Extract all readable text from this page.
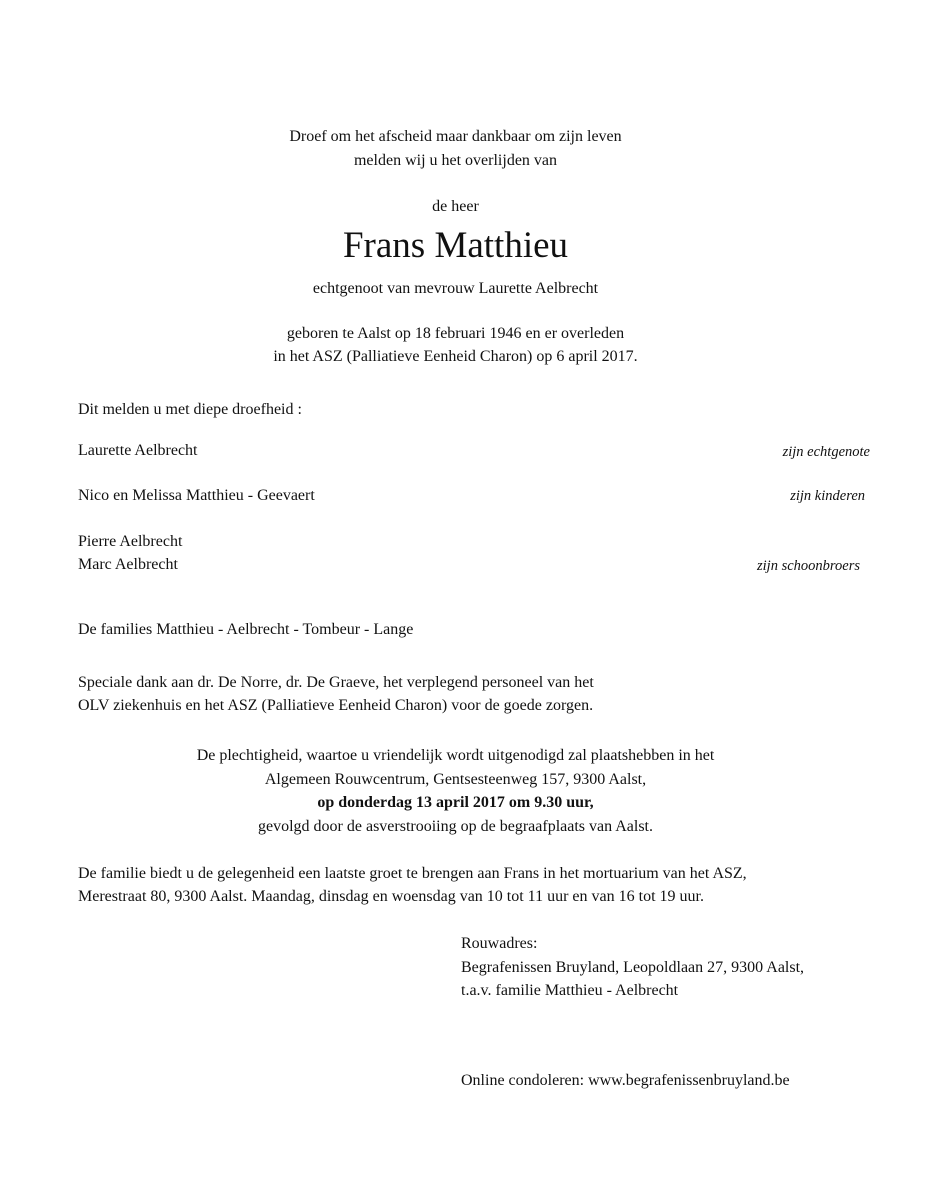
Droef om het afscheid maar dankbaar om zijn leven
melden wij u het overlijden van
de heer
Frans Matthieu
echtgenoot van mevrouw Laurette Aelbrecht
geboren te Aalst op 18 februari 1946 en er overleden
in het ASZ (Palliatieve Eenheid Charon) op 6 april 2017.
Dit melden u met diepe droefheid :
Laurette Aelbrecht	zijn echtgenote
Nico en Melissa Matthieu - Geevaert	zijn kinderen
Pierre Aelbrecht
Marc Aelbrecht	zijn schoonbroers
De families Matthieu - Aelbrecht - Tombeur - Lange
Speciale dank aan dr. De Norre, dr. De Graeve, het verplegend personeel van het
OLV ziekenhuis en het ASZ (Palliatieve Eenheid Charon) voor de goede zorgen.
De plechtigheid, waartoe u vriendelijk wordt uitgenodigd zal plaatshebben in het
Algemeen Rouwcentrum, Gentsesteenweg 157, 9300 Aalst,
op donderdag 13 april 2017 om 9.30 uur,
gevolgd door de asverstrooiing op de begraafplaats van Aalst.
De familie biedt u de gelegenheid een laatste groet te brengen aan Frans in het mortuarium van het ASZ,
Merestraat 80, 9300 Aalst. Maandag, dinsdag en woensdag van 10 tot 11 uur en van 16 tot 19 uur.
Rouwadres:
Begrafenissen Bruyland, Leopoldlaan 27, 9300 Aalst,
t.a.v. familie Matthieu - Aelbrecht
Online condoleren: www.begrafenissenbruyland.be
